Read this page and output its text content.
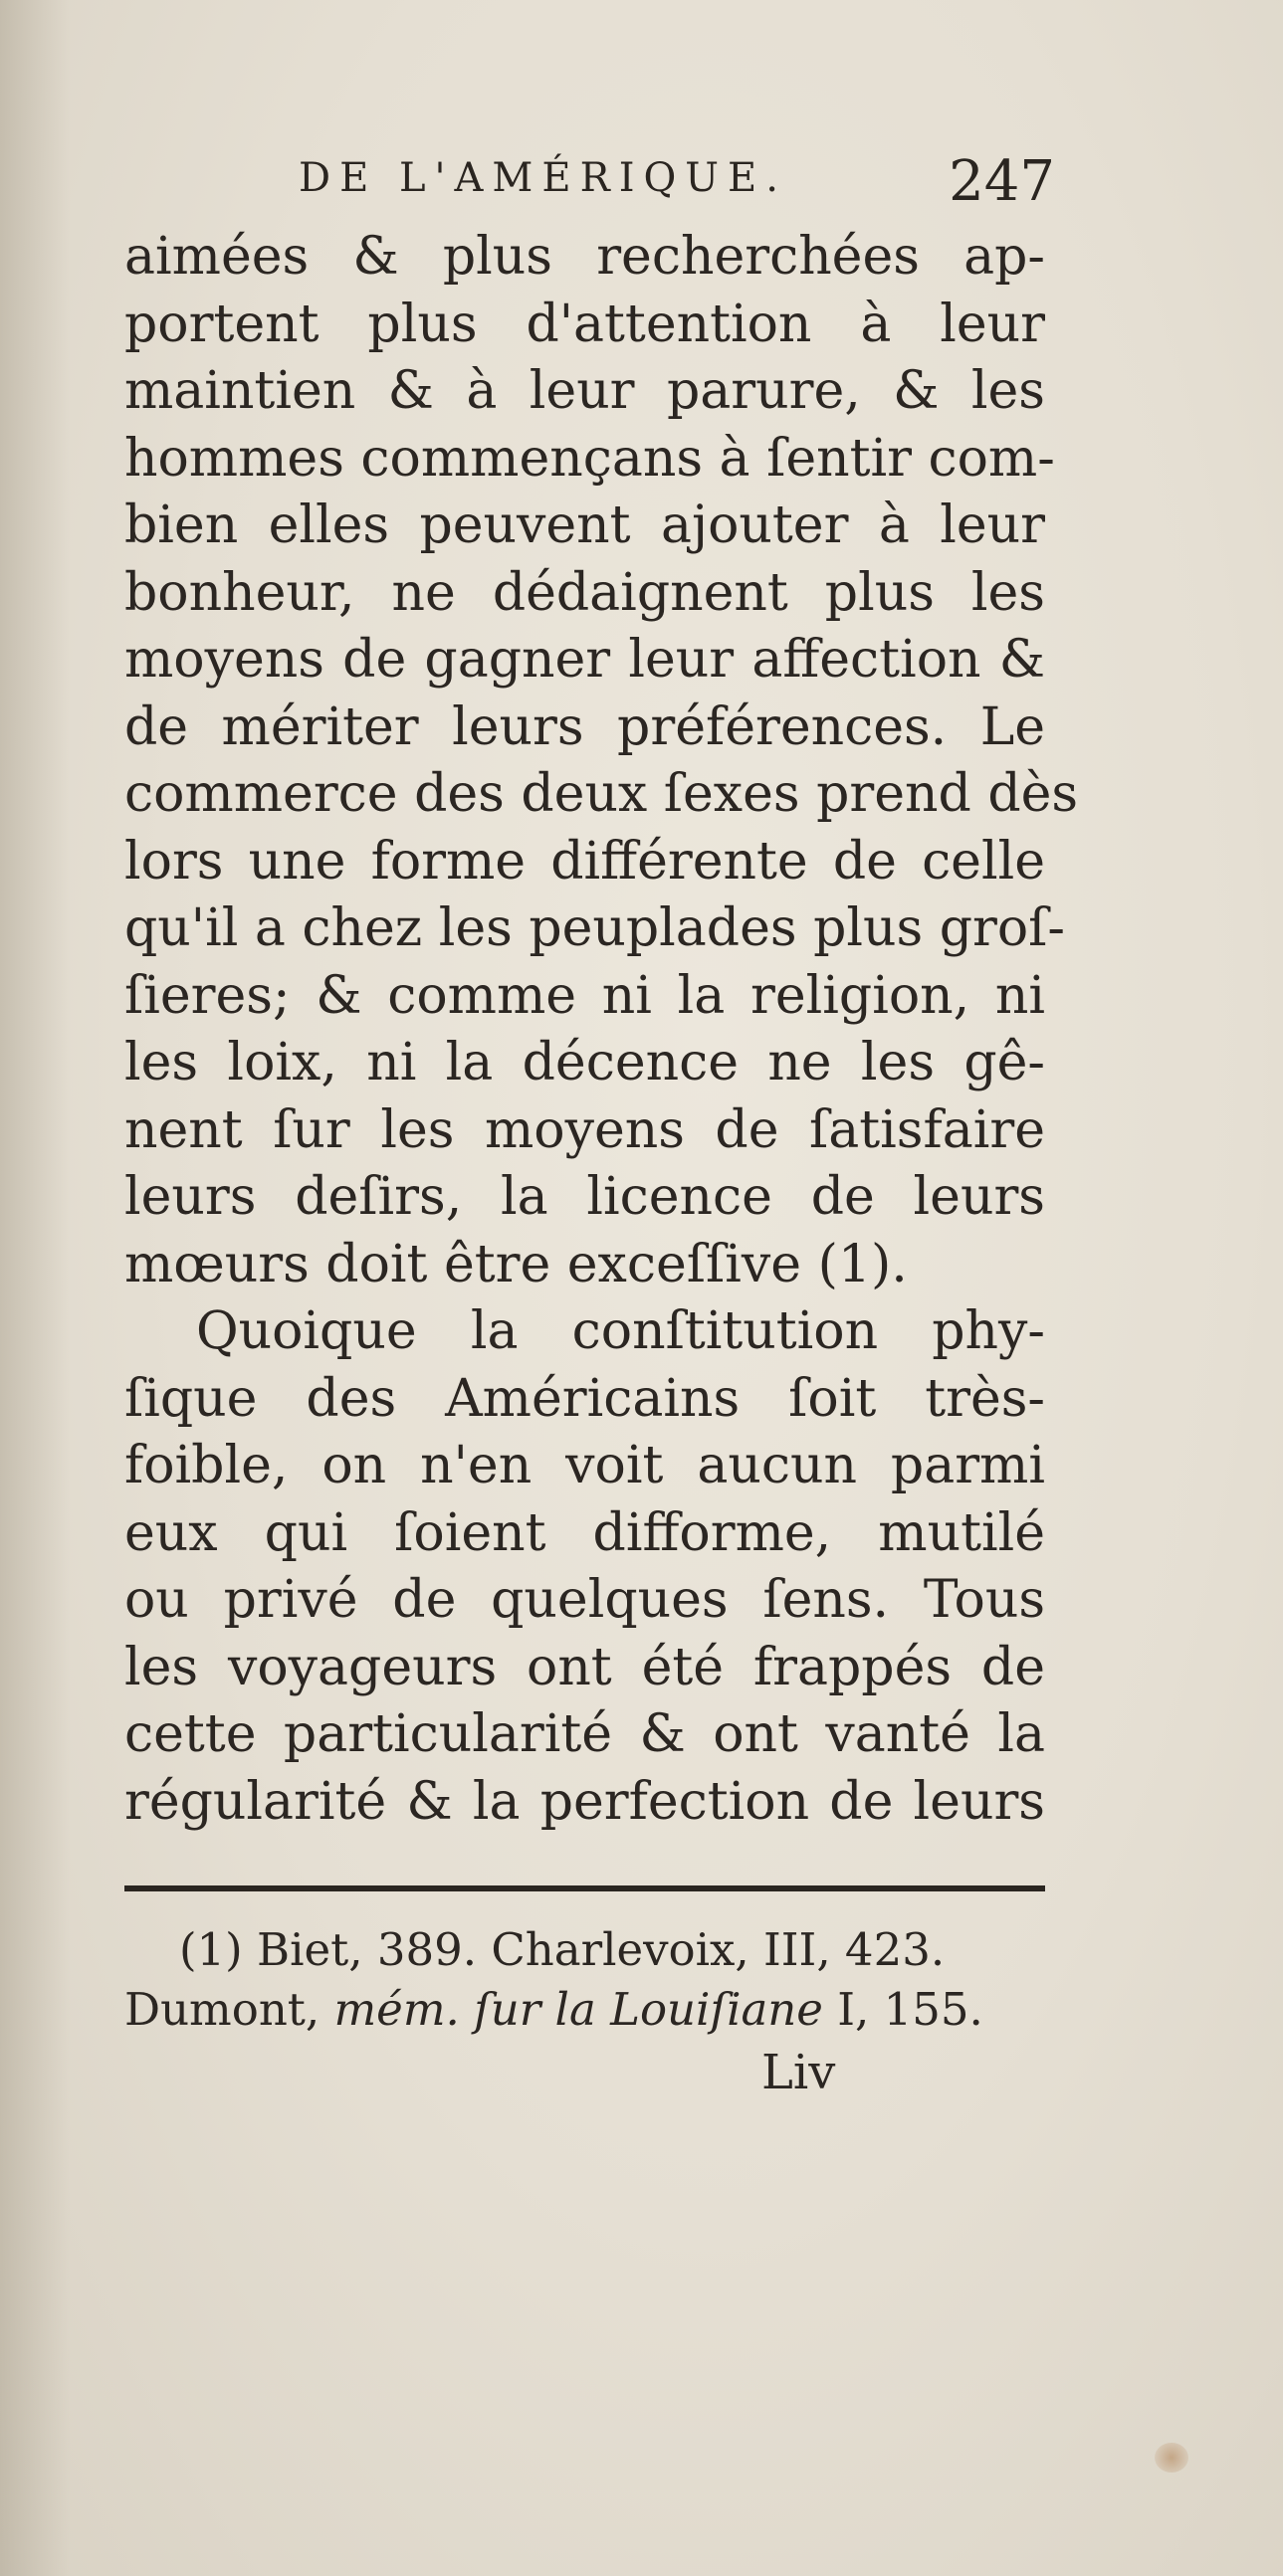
DE L'AMÉRIQUE.	247
aimées & plus recherchées ap-
portent plus d'attention à leur
maintien & à leur parure, & les
hommes commençans à ſentir com-
bien elles peuvent ajouter à leur
bonheur, ne dédaignent plus les
moyens de gagner leur affection &
de mériter leurs préférences. Le
commerce des deux ſexes prend dès
lors une forme différente de celle
qu'il a chez les peuplades plus groſ-
ſieres; & comme ni la religion, ni
les loix, ni la décence ne les gê-
nent ſur les moyens de ſatisfaire
leurs deſirs, la licence de leurs
mœurs doit être exceſſive (1).
Quoique la conſtitution phy-
ſique des Américains ſoit très-
foible, on n'en voit aucun parmi
eux qui ſoient difforme, mutilé
ou privé de quelques ſens. Tous
les voyageurs ont été frappés de
cette particularité & ont vanté la
régularité & la perfection de leurs
(1) Biet, 389. Charlevoix, III, 423.
Dumont, mém. ſur la Louiſiane I, 155.
Liv
